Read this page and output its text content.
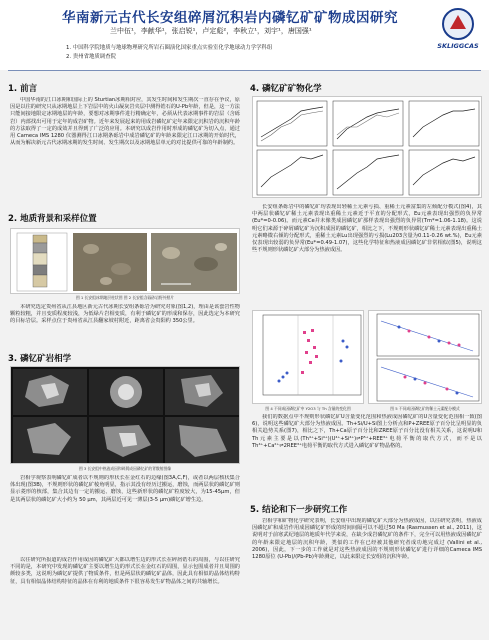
华南新元古代长安组碎屑沉积岩内磷钇矿矿物成因研究
兰中伍¹，李献华¹，张启锐¹，卢定彪²，李秋立¹，刘宇¹，唐国强¹
1. 中国科学院地质与地球物理研究所岩石圈演化国家重点实验室化学地球动力学学科组
2. 贵州省地质调查院
SKLIGGCAS
1. 前言
中国华南的江口冰期和国际上的 Sturtian冰期相对应，其发生时间和发生期次一直存在争议，原因是以往的研究只从冰期地层上下岩层中的火山凝灰岩夹层中测得锆石的U-Pb年龄，但是，这一方法只能间接地限定冰期地层的年龄，要想对冰期事件进行精确定年，必须从代表冰期事件的岩层（含砾岩）内部找出可用于定年的成岩矿物。近年来发展起来的用成岩磷钇矿定年来限定沉积岩的沉积年龄的方法取得了一定的成效并且得到了广泛的应用。本研究以成岩作用时形成的磷钇矿为切入点，通过用 Cameca IMS 1280 仪器测得江口冰期条砾岩中成岩磷钇矿的年龄来限定江口冰期的开始时代，从而为解决新元古代冰期冰期的发生时间、发生期次以及冰期地层单元的对比提供可靠的年龄制约。
2. 地质背景和采样位置
图 1 长安组冰期地层柱状图 图 2 长安组含砾砂岩野外照片
本研究选定贵州省从江县地区新元古代冰期长安组条砾岩为研究对象(图1,2)，理由是该套岩性物颗粒较粗，并且变质程度较浅，为低绿片岩相变质，有利于磷钇矿的形成和保存，因此选定为本研究的目标岩层。采样点位于贵州省从江县翻家坡村附近，距离省会贵阳约 350公里。
3. 磷钇矿岩相学
图 3 长安组中热液成因和碎屑成因磷钇矿的背散射图像
岩相学观察表明磷钇矿成者以不规则的形状长在金红石的边缘(图3A,C,F)，或者以两层核状集合体出现(图3B)，不规则形状的磷钇矿棱角明显，指示其没有经历过搬运，磨蚀，而两层状的磷钇矿则显示菱形的核部，集合其边有一定的搬运、磨蚀，这些新形状的磷钇矿粒度较大，为15-45μm，但是其两层状的磷钇矿大小约为 50 μm，其两层近可见一薄层(3-5 μm)磷钇矿增生边。
以往研究所报道的成岩作用成因的磷钇矿大都以增生边的形式长在碎屑锆石的周围，与以往研究不同的是，本研究中发现的磷钇矿主要以增生边的形式长在金红石的周围，显示包围成者并且周围的颜较多类，这说明为磷钇矿提供了物质条件，但是两层状的磷钇矿晶体，因此具有相似的晶体结构特征，具有相似晶体结构特征的晶体在有利的地质条件下很容易发生矿物晶体之间的共轴增长。
4. 磷钇矿矿物化学
长安组条砾岩中的磷钇矿均表现出轻稀土元素亏损、重稀土元素富集的左倾配分模式(图4)，其中两层状磷钇矿稀土元素表现出重稀土元素近于平直的分配形式，Eu元素表现出强烈的负异常(Eu*=0-0.06)。而元素Ce并未像类成因磷钇矿那样表现出强烈的负异常(Tm*=1.06-1.18)。这说明它们来源于碎屑磷钇矿为沉积成因的磷钇矿，相比之下，不规则形状磷钇矿稀土元素表现出重稀土元素略微右倾的分配形式，重稀土元素Lu出现强烈的亏损(Lu203含量为0.11-0.26 wt.%)，Eu元素仅表现出较弱的负异常(Eu*=0.49-1.07)，这些化学特征和热液成因磷钇矿非常相似(图5)，说明这些不规则形状磷钇矿大部分为热液成因。
图 4 不同成因磷钇矿中 Y2O3 与 Th 含量的变化图	图 5 不同成因磷钇矿的稀土元素配分模式
我们的数据点中不规则形状磷钇矿U含量变化范围和热液成因磷钇矿的U含量变化范围相一致(图6)，说明这些磷钇矿大部分为热液成因。Th+Si/U+Si图上分析点和P+ZREE原子百分比呈明显的负相关趋势关系(图7)，相比之下，Th+Ca原子百分比和ZREE原子百分比没有相关关系，这说明U和Th元素主要是以(Th⁴⁺+Si⁴⁺)(U⁴⁺+Si⁴⁺)⇌P⁵⁺+REE³⁺电荷平衡的取代方式，而不是以Th⁴⁺+Ca²⁺⇌2REE³⁺电荷平衡的取代方式进入磷钇矿矿物晶格的。
5. 结论和下一步研究工作
岩相学和矿物化学研究表明，长安组中出现的磷钇矿大部分为热液成因，以往研究表明，热液成因磷钇矿和成岩作用成因磷钇矿形成的时间间隔可以不超过50 Ma (Rasmussen et al., 2011)，这说明对于前寒武纪地层的地质年代学来说，在缺少成岩磷钇矿的条件下，完全可以用热液成因磷钇矿的年龄来限定地层的沉积年龄，类似的工作在已经被其他研究者成功地完成过 (Vallini et al., 2006)，因此，下一步的工作就是对这些热液成因的不规则形状磷钇矿进行详细的Cameca IMS 1280原位 (U-Pb)/(Pb-Pb)年龄测定，以此来限定长安组的沉积年龄。
